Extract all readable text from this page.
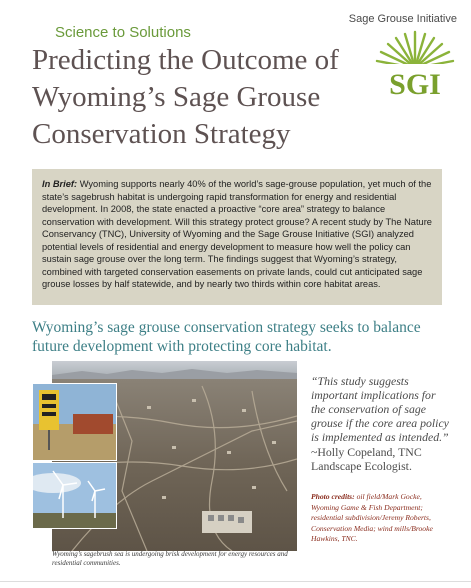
Science to Solutions
Sage Grouse Initiative
SGI
Predicting the Outcome of Wyoming’s Sage Grouse Conservation Strategy
In Brief: Wyoming supports nearly 40% of the world’s sage-grouse population, yet much of the state’s sagebrush habitat is undergoing rapid transformation for energy and residential development. In 2008, the state enacted a proactive “core area” strategy to balance conservation with development. Will this strategy protect grouse? A recent study by The Nature Conservancy (TNC), University of Wyoming and the Sage Grouse Initiative (SGI) analyzed potential levels of residential and energy development to measure how well the policy can sustain sage grouse over the long term. The findings suggest that Wyoming’s strategy, combined with targeted conservation easements on private lands, could cut anticipated sage grouse losses by half statewide, and by nearly two thirds within core habitat areas.
Wyoming’s sage grouse conservation strategy seeks to balance future development with protecting core habitat.
Wyoming’s sagebrush sea is undergoing brisk development for energy resources and residential communities.
“This study suggests important implications for the conservation of sage grouse if the core area policy is implemented as intended.”
~Holly Copeland, TNC Landscape Ecologist.
Photo credits: oil field/Mark Gocke, Wyoming Game & Fish Department; residential subdivision/Jeremy Roberts, Conservation Media; wind mills/Brooke Hawkins, TNC.
